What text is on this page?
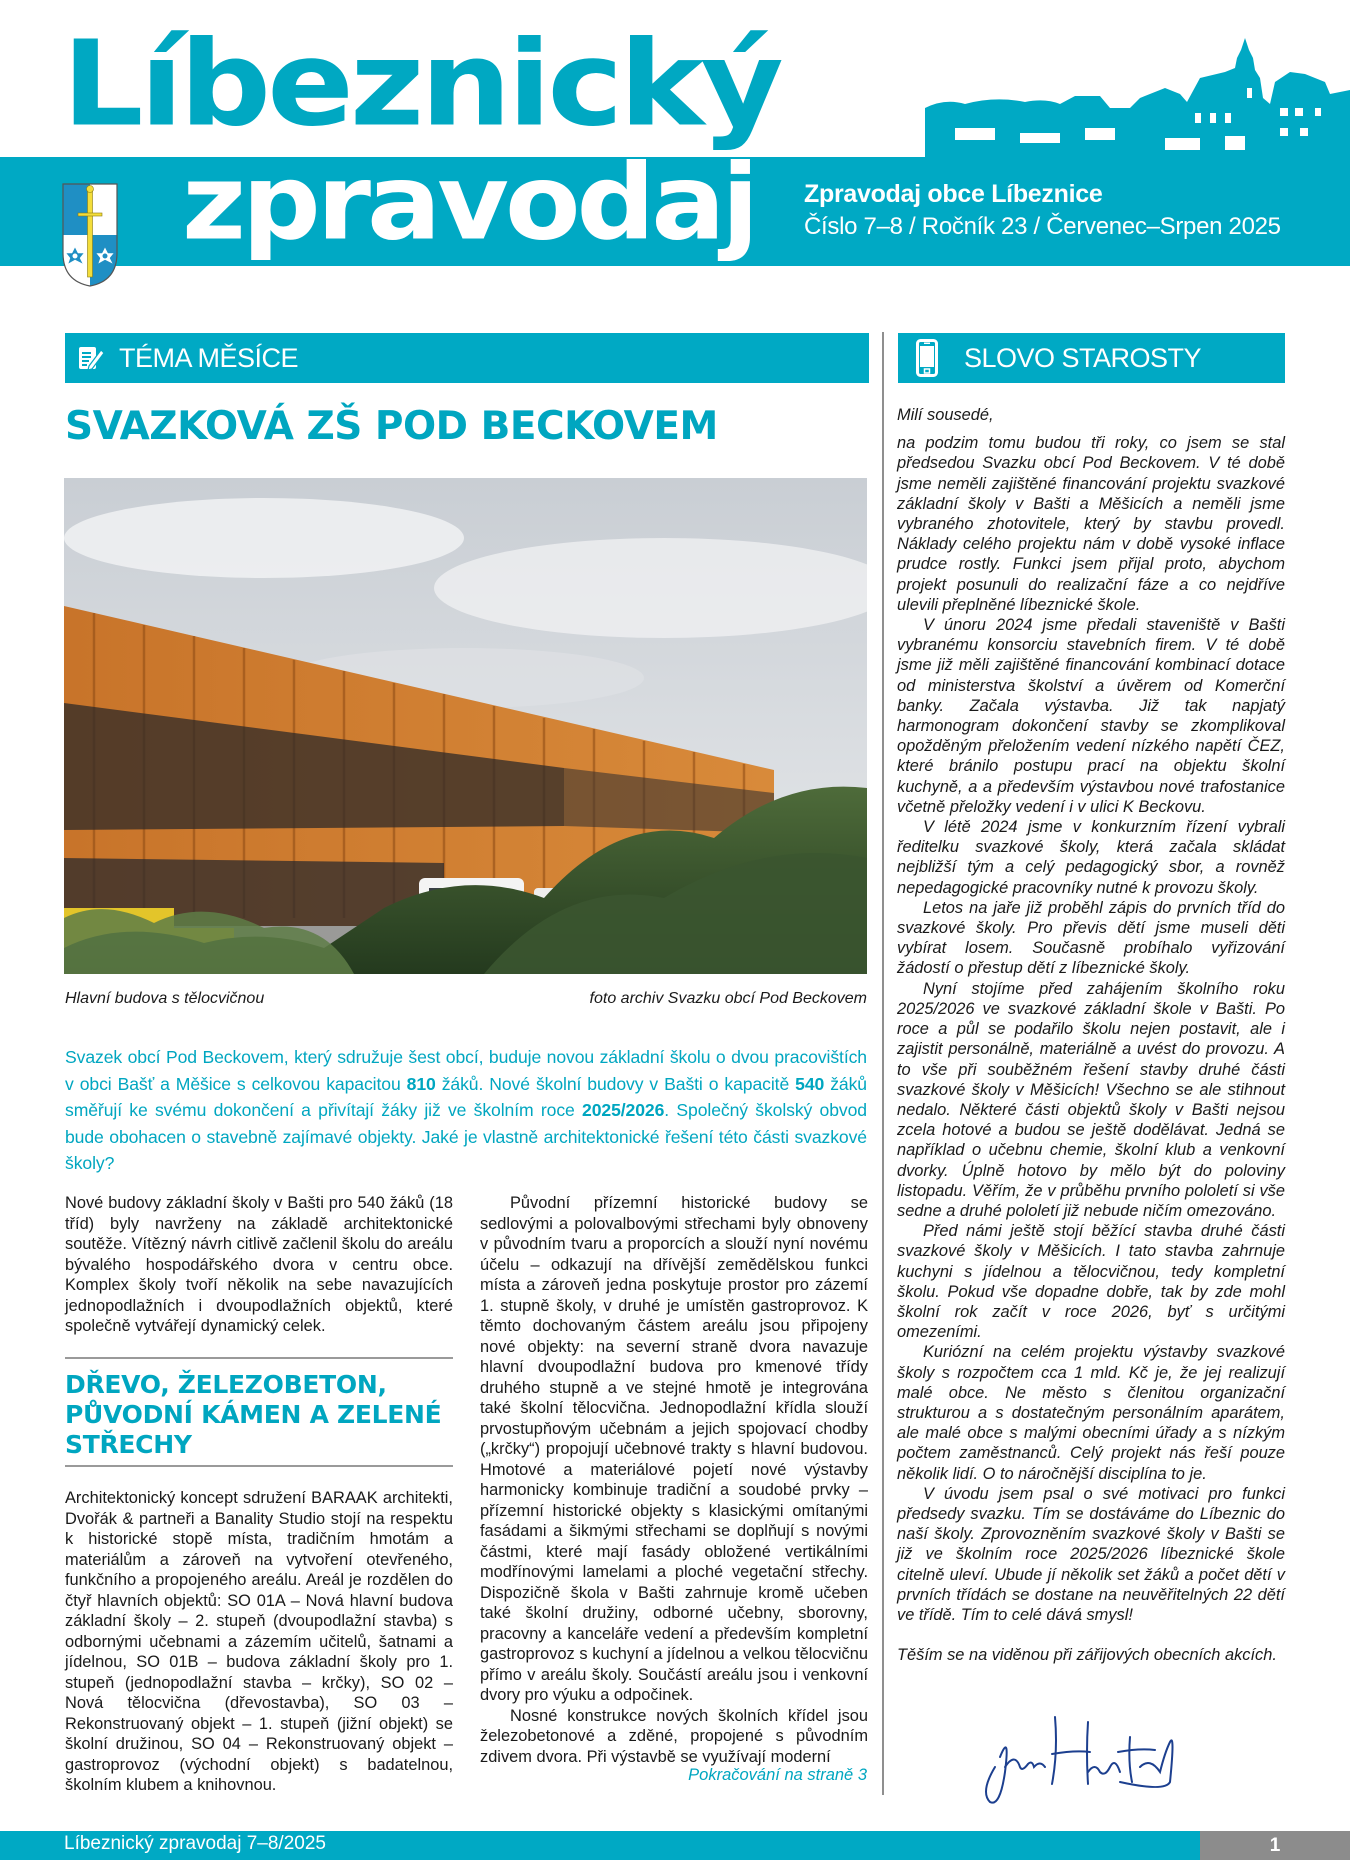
Líbeznický
zpravodaj Zpravodaj obce Líbeznice
Číslo 7–8 / Ročník 23 / Červenec–Srpen 2025
TÉMA MĚSÍCE	SLOVO STAROSTY
SVAZKOVÁ ZŠ POD BECKOVEM
Hlavní budova s tělocvičnou	foto archiv Svazku obcí Pod Beckovem
Svazek obcí Pod Beckovem, který sdružuje šest obcí, buduje novou základní školu o dvou pracovištích v obci Bašť a Měšice s celkovou kapacitou 810 žáků. Nové školní budovy v Bašti o kapacitě 540 žáků směřují ke svému dokončení a přivítají žáky již ve školním roce 2025/2026. Společný školský obvod bude obohacen o stavebně zajímavé objekty. Jaké je vlastně architektonické řešení této části svazkové školy?

Nové budovy základní školy v Bašti pro 540 žáků (18 tříd) byly navrženy na základě architektonické soutěže. Vítězný návrh citlivě začlenil školu do areálu bývalého hospodářského dvora v centru obce. Komplex školy tvoří několik na sebe navazujících jednopodlažních i dvoupodlažních objektů, které společně vytvářejí dynamický celek.

DŘEVO, ŽELEZOBETON, PŮVODNÍ KÁMEN A ZELENÉ STŘECHY

Architektonický koncept sdružení BARAAK architekti, Dvořák & partneři a Banality Studio stojí na respektu k historické stopě místa, tradičním hmotám a materiálům a zároveň na vytvoření otevřeného, funkčního a propojeného areálu. Areál je rozdělen do čtyř hlavních objektů: SO 01A – Nová hlavní budova základní školy – 2. stupeň (dvoupodlažní stavba) s odbornými učebnami a zázemím učitelů, šatnami a jídelnou, SO 01B – budova základní školy pro 1. stupeň (jednopodlažní stavba – krčky), SO 02 – Nová tělocvična (dřevostavba), SO 03 – Rekonstruovaný objekt – 1. stupeň (jižní objekt) se školní družinou, SO 04 – Rekonstruovaný objekt – gastroprovoz (východní objekt) s badatelnou, školním klubem a knihovnou.

Původní přízemní historické budovy se sedlovými a polovalbovými střechami byly obnoveny v původním tvaru a proporcích a slouží nyní novému účelu – odkazují na dřívější zemědělskou funkci místa a zároveň jedna poskytuje prostor pro zázemí 1. stupně školy, v druhé je umístěn gastroprovoz. K těmto dochovaným částem areálu jsou připojeny nové objekty: na severní straně dvora navazuje hlavní dvoupodlažní budova pro kmenové třídy druhého stupně a ve stejné hmotě je integrována také školní tělocvična. Jednopodlažní křídla slouží prvostupňovým učebnám a jejich spojovací chodby („krčky“) propojují učebnové trakty s hlavní budovou. Hmotové a materiálové pojetí nové výstavby harmonicky kombinuje tradiční a soudobé prvky – přízemní historické objekty s klasickými omítanými fasádami a šikmými střechami se doplňují s novými částmi, které mají fasády obložené vertikálními modřínovými lamelami a ploché vegetační střechy. Dispozičně škola v Bašti zahrnuje kromě učeben také školní družiny, odborné učebny, sborovny, pracovny a kanceláře vedení a především kompletní gastroprovoz s kuchyní a jídelnou a velkou tělocvičnu přímo v areálu školy. Součástí areálu jsou i venkovní dvory pro výuku a odpočinek.

Nosné konstrukce nových školních křídel jsou železobetonové a zděné, propojené s původním zdivem dvora. Při výstavbě se využívají moderní

Pokračování na straně 3

Milí sousedé,

na podzim tomu budou tři roky, co jsem se stal předsedou Svazku obcí Pod Beckovem. V té době jsme neměli zajištěné financování projektu svazkové základní školy v Bašti a Měšicích a neměli jsme vybraného zhotovitele, který by stavbu provedl. Náklady celého projektu nám v době vysoké inflace prudce rostly. Funkci jsem přijal proto, abychom projekt posunuli do realizační fáze a co nejdříve ulevili přeplněné líbeznické škole.

V únoru 2024 jsme předali staveniště v Bašti vybranému konsorciu stavebních firem. V té době jsme již měli zajištěné financování kombinací dotace od ministerstva školství a úvěrem od Komerční banky. Začala výstavba. Již tak napjatý harmonogram dokončení stavby se zkomplikoval opožděným přeložením vedení nízkého napětí ČEZ, které bránilo postupu prací na objektu školní kuchyně, a a především výstavbou nové trafostanice včetně přeložky vedení i v ulici K Beckovu.

V létě 2024 jsme v konkurzním řízení vybrali ředitelku svazkové školy, která začala skládat nejbližší tým a celý pedagogický sbor, a rovněž nepedagogické pracovníky nutné k provozu školy.

Letos na jaře již proběhl zápis do prvních tříd do svazkové školy. Pro převis dětí jsme museli děti vybírat losem. Současně probíhalo vyřizování žádostí o přestup dětí z líbeznické školy.

Nyní stojíme před zahájením školního roku 2025/2026 ve svazkové základní škole v Bašti. Po roce a půl se podařilo školu nejen postavit, ale i zajistit personálně, materiálně a uvést do provozu. A to vše při souběžném řešení stavby druhé části svazkové školy v Měšicích! Všechno se ale stihnout nedalo. Některé části objektů školy v Bašti nejsou zcela hotové a budou se ještě dodělávat. Jedná se například o učebnu chemie, školní klub a venkovní dvorky. Úplně hotovo by mělo být do poloviny listopadu. Věřím, že v průběhu prvního pololetí si vše sedne a druhé pololetí již nebude ničím omezováno.

Před námi ještě stojí běžící stavba druhé části svazkové školy v Měšicích. I tato stavba zahrnuje kuchyni s jídelnou a tělocvičnou, tedy kompletní školu. Pokud vše dopadne dobře, tak by zde mohl školní rok začít v roce 2026, byť s určitými omezeními.

Kuriózní na celém projektu výstavby svazkové školy s rozpočtem cca 1 mld. Kč je, že jej realizují malé obce. Ne město s členitou organizační strukturou a s dostatečným personálním aparátem, ale malé obce s malými obecními úřady a s nízkým počtem zaměstnanců. Celý projekt nás řeší pouze několik lidí. O to náročnější disciplína to je.

V úvodu jsem psal o své motivaci pro funkci předsedy svazku. Tím se dostáváme do Líbeznic do naší školy. Zprovozněním svazkové školy v Bašti se již ve školním roce 2025/2026 líbeznické škole citelně uleví. Ubude jí několik set žáků a počet dětí v prvních třídách se dostane na neuvěřitelných 22 dětí ve třídě. Tím to celé dává smysl!

Těším se na viděnou při zářijových obecních akcích.

Líbeznický zpravodaj 7–8/2025	1
